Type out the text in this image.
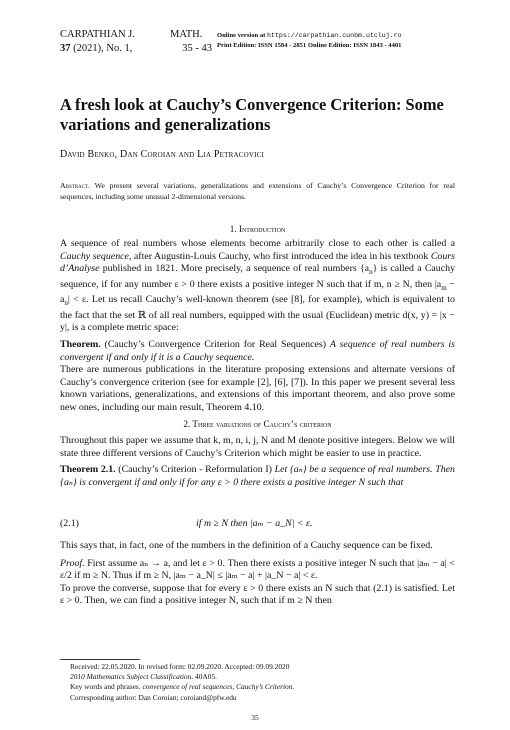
CARPATHIAN J.
37 (2021), No. 1,
MATH.
35 - 43
Online version at https://carpathian.cunbm.utcluj.ro
Print Edition: ISSN 1584 - 2851 Online Edition: ISSN 1843 - 4401
A fresh look at Cauchy’s Convergence Criterion: Some variations and generalizations
David Benko, Dan Coroian and Lia Petracovici
Abstract. We present several variations, generalizations and extensions of Cauchy’s Convergence Criterion for real sequences, including some unusual 2-dimensional versions.
1. Introduction

A sequence of real numbers whose elements become arbitrarily close to each other is called a Cauchy sequence, after Augustin-Louis Cauchy, who first introduced the idea in his textbook Cours d’Analyse published in 1821. More precisely, a sequence of real numbers $\{a_n\}$ is called a Cauchy sequence, if for any number ε > 0 there exists a positive integer N such that if m, n ≥ N, then $|a_m - a_n| < \varepsilon$. Let us recall Cauchy’s well-known theorem (see [8], for example), which is equivalent to the fact that the set ℝ of all real numbers, equipped with the usual (Euclidean) metric d(x, y) = |x − y|, is a complete metric space:

Theorem. (Cauchy’s Convergence Criterion for Real Sequences) A sequence of real numbers is convergent if and only if it is a Cauchy sequence.

There are numerous publications in the literature proposing extensions and alternate versions of Cauchy’s convergence criterion (see for example [2], [6], [7]). In this paper we present several less known variations, generalizations, and extensions of this important theorem, and also prove some new ones, including our main result, Theorem 4.10.

2. Three variations of Cauchy’s criterion

Throughout this paper we assume that k, m, n, i, j, N and M denote positive integers. Below we will state three different versions of Cauchy’s Criterion which might be easier to use in practice.

Theorem 2.1. (Cauchy’s Criterion - Reformulation I) Let {aₙ} be a sequence of real numbers. Then {aₙ} is convergent if and only if for any ε > 0 there exists a positive integer N such that

(2.1)	if m ≥ N then |aₘ − a_N| < ε.

This says that, in fact, one of the numbers in the definition of a Cauchy sequence can be fixed.

Proof. First assume aₙ → a, and let ε > 0. Then there exists a positive integer N such that |aₘ − a| < ε/2 if m ≥ N. Thus if m ≥ N, |aₘ − a_N| ≤ |aₘ − a| + |a_N − a| < ε.

To prove the converse, suppose that for every ε > 0 there exists an N such that (2.1) is satisfied. Let ε > 0. Then, we can find a positive integer N, such that if m ≥ N then

Received: 22.05.2020. In revised form: 02.09.2020. Accepted: 09.09.2020
2010 Mathematics Subject Classification. 40A05.
Key words and phrases. convergence of real sequences, Cauchy’s Criterion.
Corresponding author: Dan Coroian; coroiand@pfw.edu
35
